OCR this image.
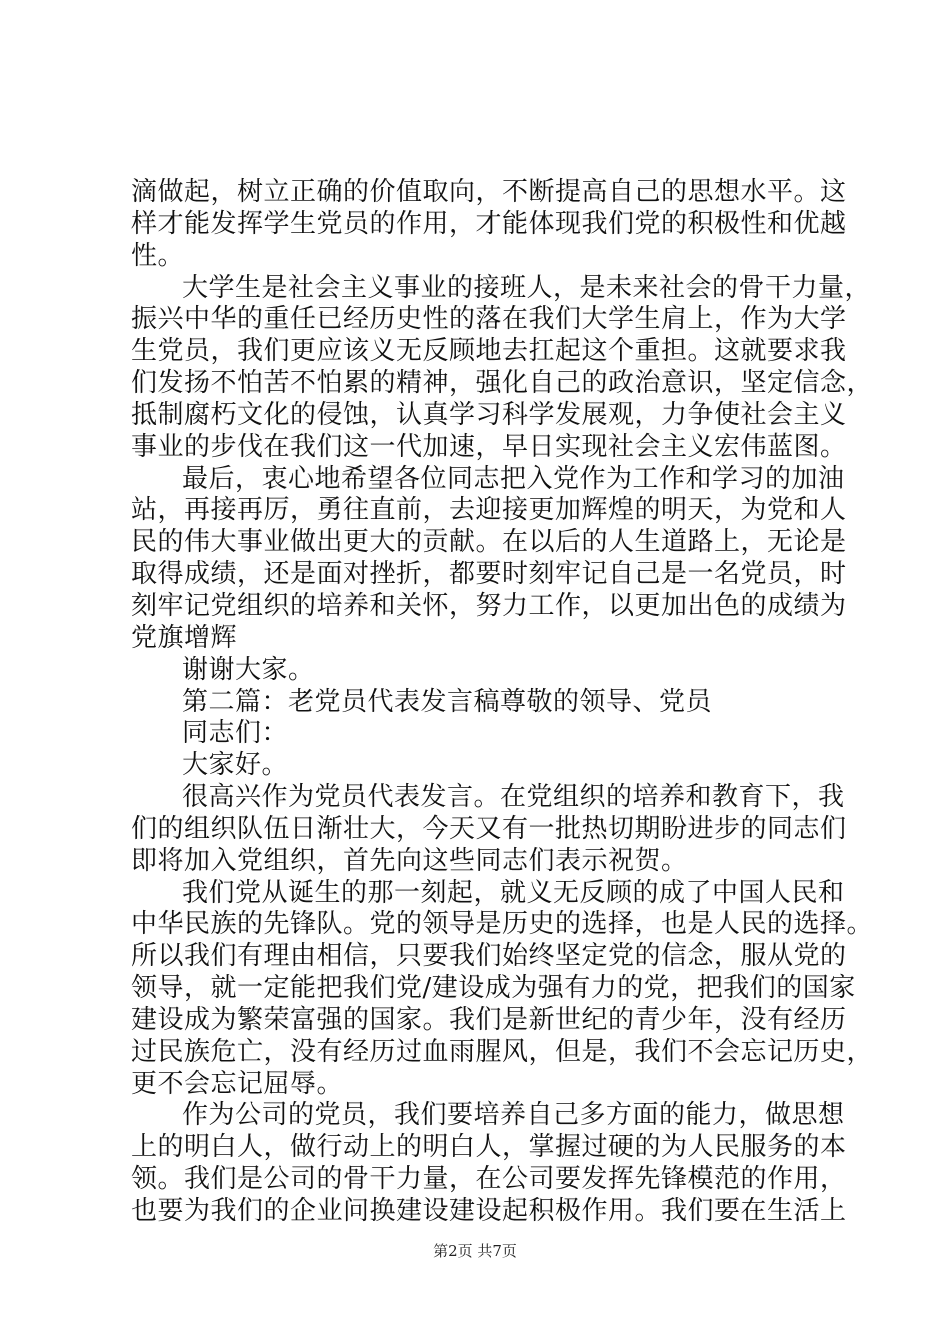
滴做起，树立正确的价值取向，不断提高自己的思想水平。这
样才能发挥学生党员的作用，才能体现我们党的积极性和优越
性。
大学生是社会主义事业的接班人，是未来社会的骨干力量，
振兴中华的重任已经历史性的落在我们大学生肩上，作为大学
生党员，我们更应该义无反顾地去扛起这个重担。这就要求我
们发扬不怕苦不怕累的精神，强化自己的政治意识，坚定信念，
抵制腐朽文化的侵蚀，认真学习科学发展观，力争使社会主义
事业的步伐在我们这一代加速，早日实现社会主义宏伟蓝图。
最后，衷心地希望各位同志把入党作为工作和学习的加油
站，再接再厉，勇往直前，去迎接更加辉煌的明天，为党和人
民的伟大事业做出更大的贡献。在以后的人生道路上，无论是
取得成绩，还是面对挫折，都要时刻牢记自己是一名党员，时
刻牢记党组织的培养和关怀，努力工作，以更加出色的成绩为
党旗增辉
谢谢大家。
第二篇：老党员代表发言稿尊敬的领导、党员
同志们：
大家好。
很高兴作为党员代表发言。在党组织的培养和教育下，我
们的组织队伍日渐壮大，今天又有一批热切期盼进步的同志们
即将加入党组织，首先向这些同志们表示祝贺。
我们党从诞生的那一刻起，就义无反顾的成了中国人民和
中华民族的先锋队。党的领导是历史的选择，也是人民的选择。
所以我们有理由相信，只要我们始终坚定党的信念，服从党的
领导，就一定能把我们党/建设成为强有力的党，把我们的国家
建设成为繁荣富强的国家。我们是新世纪的青少年，没有经历
过民族危亡，没有经历过血雨腥风，但是，我们不会忘记历史，
更不会忘记屈辱。
作为公司的党员，我们要培养自己多方面的能力，做思想
上的明白人，做行动上的明白人，掌握过硬的为人民服务的本
领。我们是公司的骨干力量，在公司要发挥先锋模范的作用，
也要为我们的企业问换建设建设起积极作用。我们要在生活上
第2页 共7页
